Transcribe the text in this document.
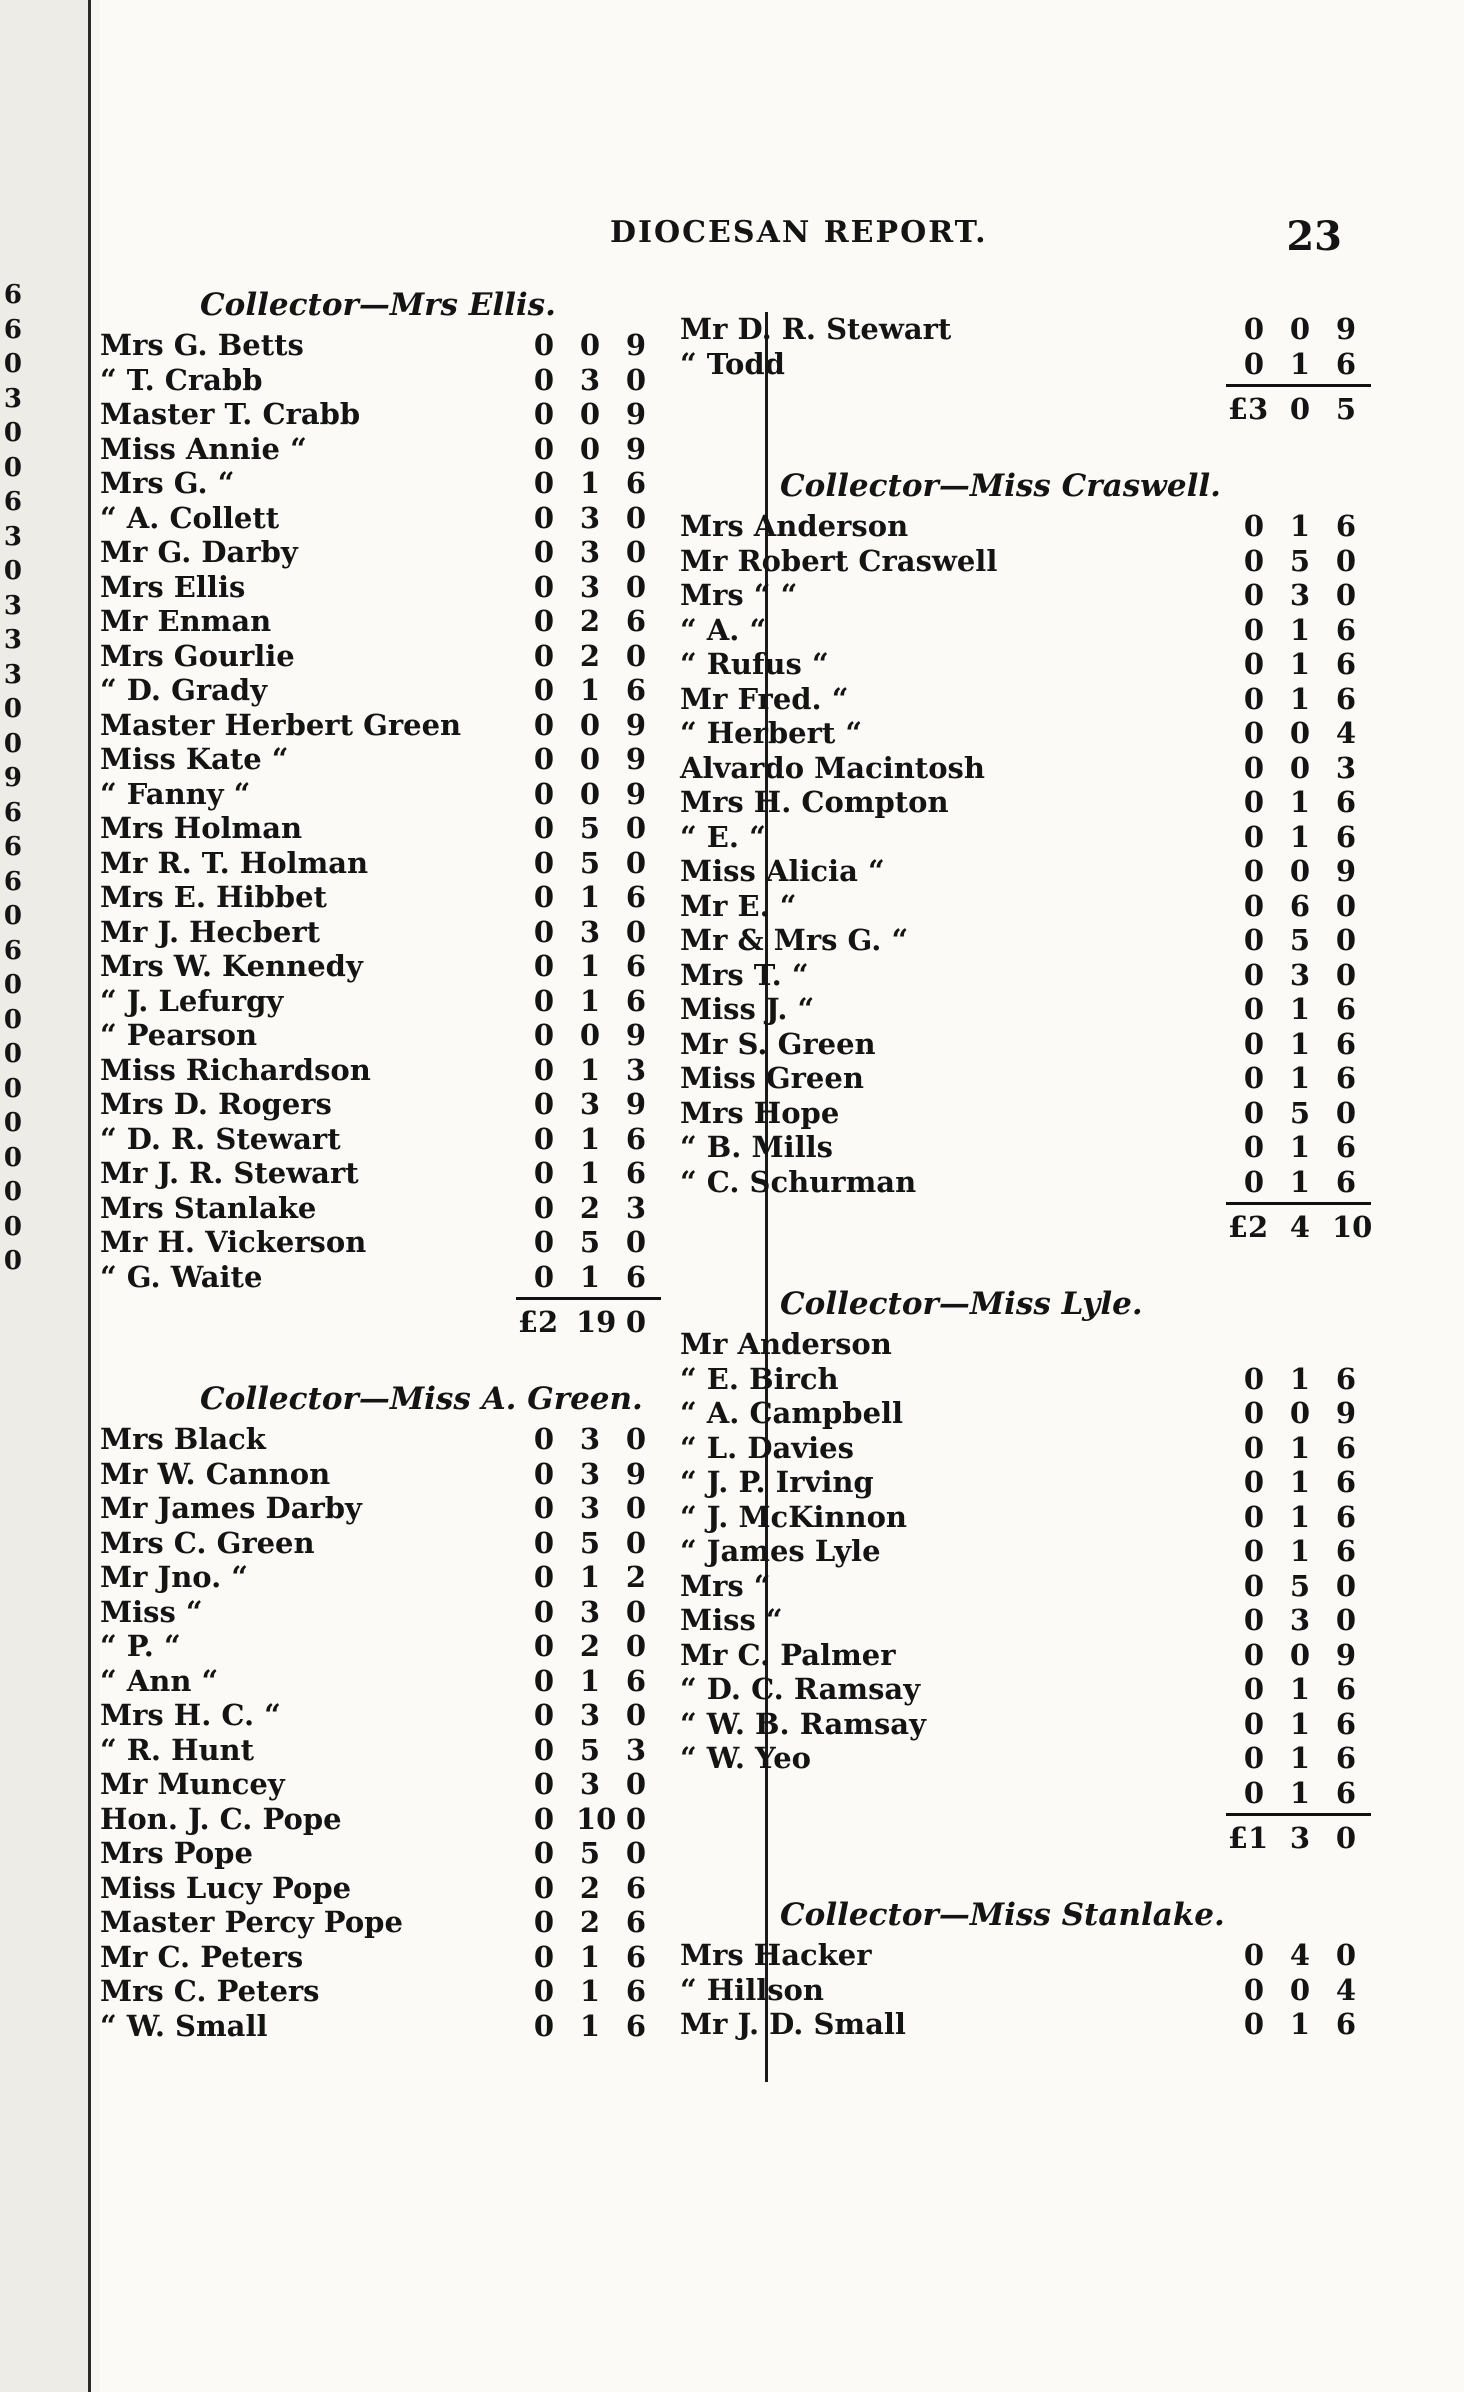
6
6
0
3
0
0
6
3
0
3
3
3
0
0
9
6
6
6
0
6
0
0
0
0
0
0
0
0
0
DIOCESAN REPORT.	23
Collector—Mrs Ellis.
Mrs G. Betts	0 0 9
“ T. Crabb	0 3 0
Master T. Crabb	0 0 9
Miss Annie “	0 0 9
Mrs G. “	0 1 6
“ A. Collett	0 3 0
Mr G. Darby	0 3 0
Mrs Ellis	0 3 0
Mr Enman	0 2 6
Mrs Gourlie	0 2 0
“ D. Grady	0 1 6
Master Herbert Green	0 0 9
Miss Kate “	0 0 9
“ Fanny “	0 0 9
Mrs Holman	0 5 0
Mr R. T. Holman	0 5 0
Mrs E. Hibbet	0 1 6
Mr J. Hecbert	0 3 0
Mrs W. Kennedy	0 1 6
“ J. Lefurgy	0 1 6
“ Pearson	0 0 9
Miss Richardson	0 1 3
Mrs D. Rogers	0 3 9
“ D. R. Stewart	0 1 6
Mr J. R. Stewart	0 1 6
Mrs Stanlake	0 2 3
Mr H. Vickerson	0 5 0
“ G. Waite	0 1 6
£2 19 0
Collector—Miss A. Green.
Mrs Black	0 3 0
Mr W. Cannon	0 3 9
Mr James Darby	0 3 0
Mrs C. Green	0 5 0
Mr Jno. “	0 1 2
Miss “	0 3 0
“ P. “	0 2 0
“ Ann “	0 1 6
Mrs H. C. “	0 3 0
“ R. Hunt	0 5 3
Mr Muncey	0 3 0
Hon. J. C. Pope	0 10 0
Mrs Pope	0 5 0
Miss Lucy Pope	0 2 6
Master Percy Pope	0 2 6
Mr C. Peters	0 1 6
Mrs C. Peters	0 1 6
“ W. Small	0 1 6
Mr D. R. Stewart	0 0 9
“ Todd	0 1 6
£3 0 5
Collector—Miss Craswell.
Mrs Anderson	0 1 6
Mr Robert Craswell	0 5 0
Mrs “ “	0 3 0
“ A. “	0 1 6
“ Rufus “	0 1 6
Mr Fred. “	0 1 6
“ Herbert “	0 0 4
Alvardo Macintosh	0 0 3
Mrs H. Compton	0 1 6
“ E. “	0 1 6
Miss Alicia “	0 0 9
Mr E. “	0 6 0
Mr & Mrs G. “	0 5 0
Mrs T. “	0 3 0
Miss J. “	0 1 6
Mr S. Green	0 1 6
Miss Green	0 1 6
Mrs Hope	0 5 0
“ B. Mills	0 1 6
“ C. Schurman	0 1 6
£2 4 10
Collector—Miss Lyle.
Mr Anderson
“ E. Birch	0 1 6
“ A. Campbell	0 0 9
“ L. Davies	0 1 6
“ J. P. Irving	0 1 6
“ J. McKinnon	0 1 6
“ James Lyle	0 1 6
Mrs “	0 5 0
Miss “	0 3 0
Mr C. Palmer	0 0 9
“ D. C. Ramsay	0 1 6
“ W. B. Ramsay	0 1 6
“ W. Yeo	0 1 6
0 1 6
£1 3 0
Collector—Miss Stanlake.
Mrs Hacker	0 4 0
“ Hillson	0 0 4
Mr J. D. Small	0 1 6
